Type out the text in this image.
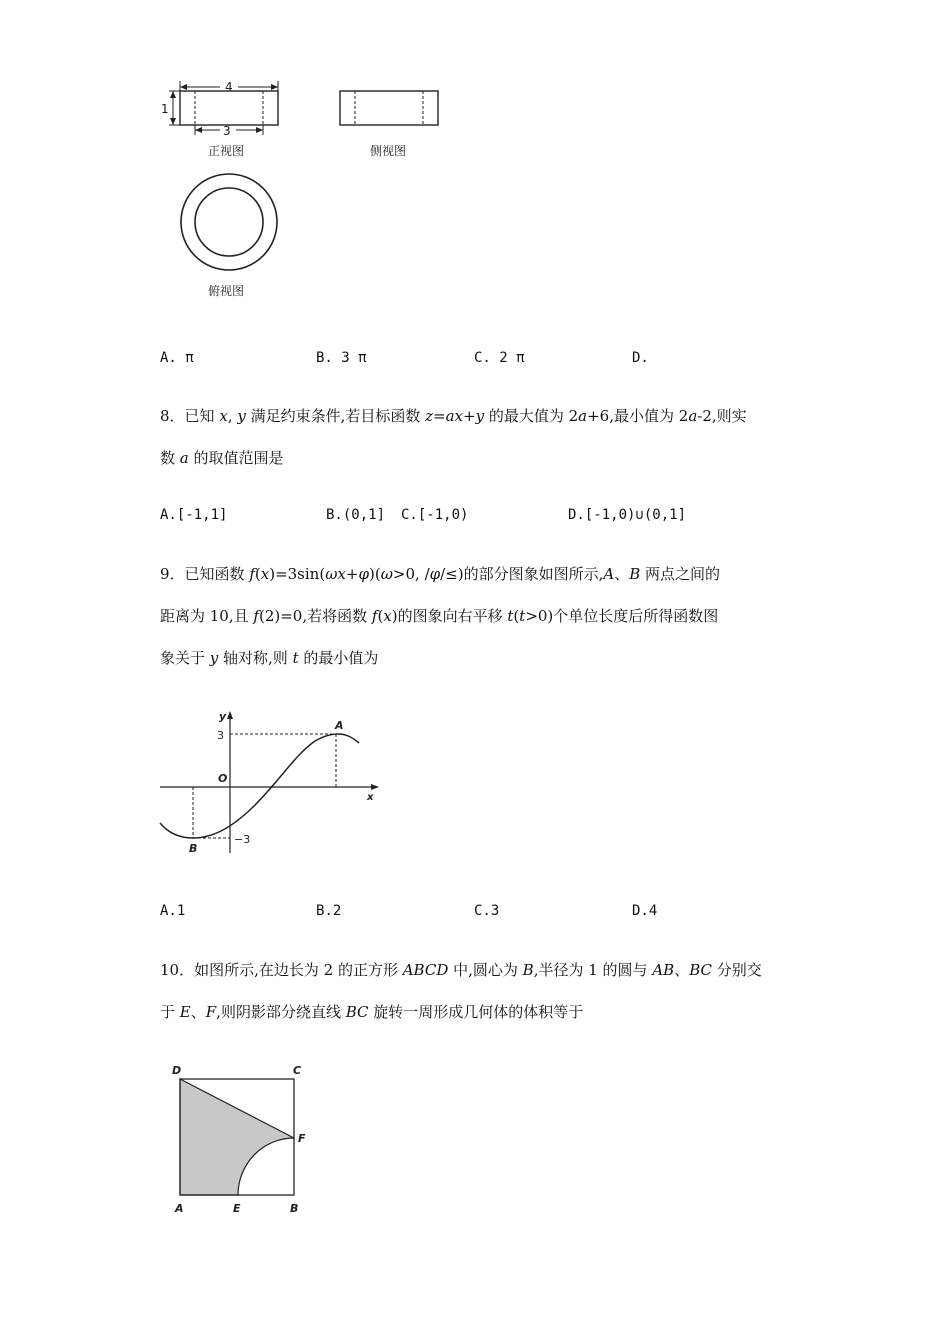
4
3
1
正视图	侧视图
俯视图
A. π	B. 3 π	C. 2 π	D.
8．已知 x, y 满足约束条件,若目标函数 z=ax+y 的最大值为 2a+6,最小值为 2a-2,则实
数 a 的取值范围是
A.[-1,1]	B.(0,1] C.[-1,0)	D.[-1,0)∪(0,1]
9．已知函数 f(x)=3sin(ωx+φ)(ω>0, /φ/≤)的部分图象如图所示,A、B 两点之间的
距离为 10,且 f(2)=0,若将函数 f(x)的图象向右平移 t(t>0)个单位长度后所得函数图
象关于 y 轴对称,则 t 的最小值为
y
x
O
A
B
3
−3
A.1	B.2	C.3	D.4
10．如图所示,在边长为 2 的正方形 ABCD 中,圆心为 B,半径为 1 的圆与 AB、BC 分别交
于 E、F,则阴影部分绕直线 BC 旋转一周形成几何体的体积等于
D	C
F
A	E	B
